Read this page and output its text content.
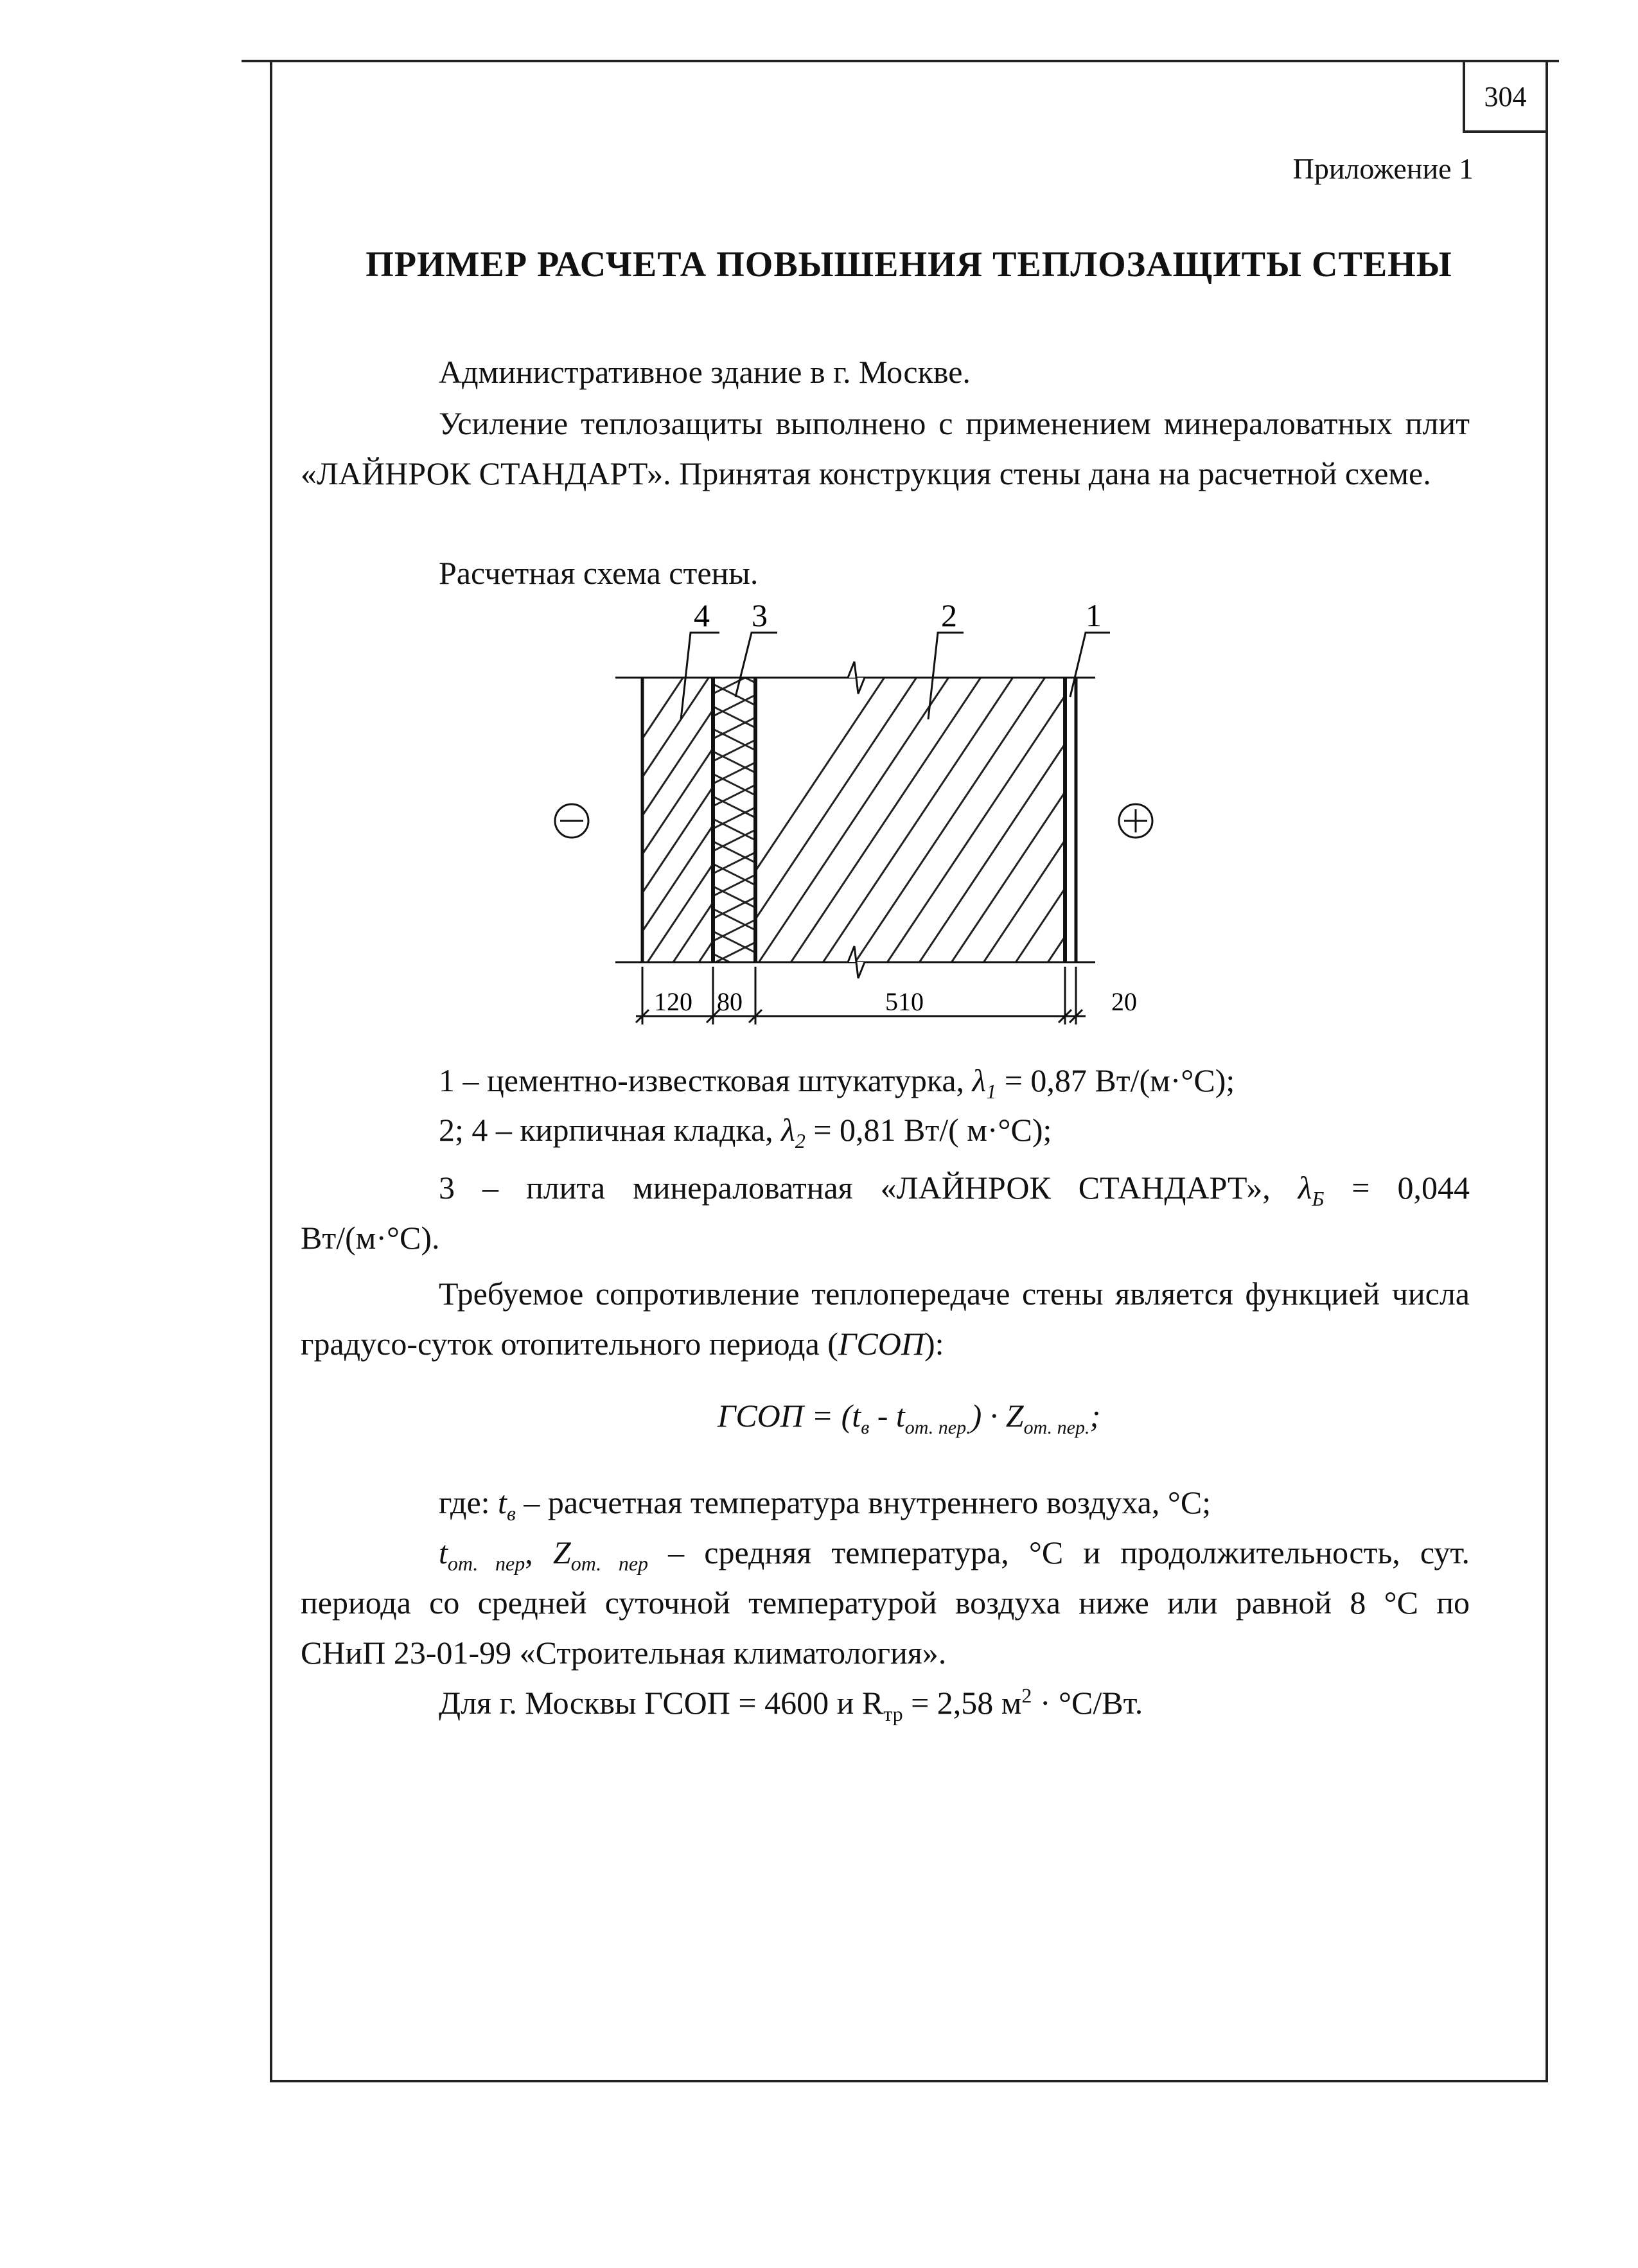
304
Приложение 1
ПРИМЕР РАСЧЕТА ПОВЫШЕНИЯ ТЕПЛОЗАЩИТЫ СТЕНЫ
Административное здание в г. Москве.
Усиление теплозащиты выполнено с применением минераловатных плит «ЛАЙНРОК СТАНДАРТ». Принятая конструкция стены дана на расчетной схеме.
Расчетная схема стены.
4 3	2	1
120 80	510	20
1 – цементно-известковая штукатурка, $\lambda_1 = 0,87$ Вт/(м·°С);
2; 4 – кирпичная кладка, $\lambda_2 = 0,81$ Вт/( м·°С);
3 – плита минераловатная «ЛАЙНРОК СТАНДАРТ», $\lambda_Б = 0,044$
Вт/(м·°С).
Требуемое сопротивление теплопередаче стены является функцией числа градусо-суток отопительного периода (ГСОП):
ГСОП = $(t_в - t_{от. пер.}) \cdot Z_{от. пер.}$;
где: $t_в$ – расчетная температура внутреннего воздуха, °С;
$t_{от. пер}$, $Z_{от. пер}$ – средняя температура, °С и продолжительность, сут.
периода со средней суточной температурой воздуха ниже или равной 8 °С по
СНиП 23-01-99 «Строительная климатология».
Для г. Москвы ГСОП = 4600 и $R_{тр} = 2,58$ $м^2 \cdot ^\circ С/Вт$.
